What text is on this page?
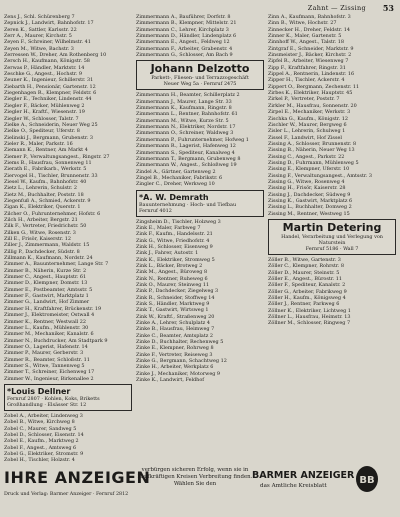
Zahnt — Zissing 53
Zens J., Schl. Schürenberg 7
Zepnick J., Landwirt, Bahnhofstr. 17
Zeren K., Sattler, Karlsstr. 22
Zerr A., Maurer, Kirchstr. 5
Zeyen F., Schreiner, Wilhelmstr. 41
Zeyen M., Witwe, Bachstr. 3
Zerressen W., Dreher, Am Rothenberg 10
Zersch H., Kaufmann, Königstr. 58
Zerwas P., Händler, Marktstr. 14
Zeschke G., Angest., Hochstr. 9
Zeuner K., Ingenieur, Schillerstr. 31
Ziebarth H., Pensionär, Gartenstr. 12
Ziegenhagen R., Klempner, Feldstr. 6
Ziegler E., Techniker, Lindenstr. 44
Ziegler F., Bäcker, Mühlenweg 2
Ziegler H., Kraftf., Wiesenstr. 19
Ziegler W., Schlosser, Talstr. 7
Zielke A., Schneiderin, Neuer Weg 25
Zielke O., Spediteur, Uferstr. 8
Zielinski J., Bergmann, Grubenstr. 3
Zieler R., Maler, Parkstr. 16
Ziemann K., Rentner, Am Markt 4
Ziemer P., Verwaltungsangest., Ringstr. 27
Ziems B., Hausfrau, Sonnenweg 11
Zierath E., Fabrikarb., Werkstr. 5
Ziervogel H., Tischler, Brunnenstr. 33
Ziesel W., Kaufm., Bahnhofstr. 40
Zietz L., Lehrerin, Schulstr. 2
Zietz M., Buchhalter, Poststr. 18
Ziegenfuß A., Schmied, Ackerstr. 9
Zigan K., Elektriker, Querstr. 1
Zilcher O., Fuhrunternehmer, Hofstr. 6
Zilch H., Arbeiter, Bergstr. 21
Zilk F., Vertreter, Friedrichstr. 50
Zilken G., Witwe, Rosenstr. 3
Zill E., Frisör, Kaiserstr. 12
Ziller J., Zimmermann, Waldstr. 15
Zillig P., Dachdecker, Südstr. 8
Zillmann K., Kaufmann, Nordstr. 24
Zimmer A., Bauunternehmer, Lange Str. 7
Zimmer B., Näherin, Kurze Str. 2
Zimmer C., Angest., Hauptstr. 61
Zimmer D., Klempner, Domstr. 13
Zimmer E., Postbeamter, Amtsstr. 5
Zimmer F., Gastwirt, Marktplatz 1
Zimmer G., Landwirt, Hof Zimmer
Zimmer H., Kraftfahrer, Brückenstr. 19
Zimmer J., Elektromeister, Ostwall 4
Zimmer K., Rentner, Westwall 22
Zimmer L., Kaufm., Mühlenstr. 30
Zimmer M., Mechaniker, Kanalstr. 6
Zimmer N., Buchdrucker, Am Stadtpark 9
Zimmer O., Lagerist, Hafenstr. 14
Zimmer P., Maurer, Gerberstr. 3
Zimmer R., Beamter, Schloßstr. 11
Zimmer S., Witwe, Tannenweg 5
Zimmer T., Schreiner, Eichenweg 17
Zimmer W., Ingenieur, Birkenallee 2
*Louis Dellner
Fernruf 2807 · Kohlen, Koks, Briketts
Großhandlung · Elsässer Str. 12
Zobel A., Arbeiter, Lindenweg 3
Zobel B., Witwe, Kirchweg 8
Zobel C., Maurer, Sandweg 5
Zobel D., Schlosser, Eisenstr. 14
Zobel E., Kaufm., Marktweg 2
Zobel F., Angest., Amtsweg 6
Zobel G., Elektriker, Stromstr. 9
Zobel H., Tischler, Holzstr. 4
Zimmermann A., Bauführer, Dorfstr. 8
Zimmermann B., Klempner, Mittelstr. 21
Zimmermann C., Lehrer, Kirchplatz 3
Zimmermann D., Händler, Lindenplatz 6
Zimmermann E., Angest., Feldweg 12
Zimmermann F., Arbeiter, Grabenstr. 4
Zimmermann G., Schlosser, Am Bach 9
Johann Delzotto
Parkett-, Fliesen- und Terrazzogeschäft
Neuer Weg 5a · Fernruf 2475
Zimmermann H., Beamter, Schillerplatz 2
Zimmermann J., Maurer, Lange Str. 33
Zimmermann K., Kaufmann, Ringstr. 8
Zimmermann L., Rentner, Bahnhofstr. 61
Zimmermann M., Witwe, Kurze Str. 5
Zimmermann N., Elektriker, Nordstr. 17
Zimmermann O., Schreiner, Waldweg 3
Zimmermann P., Fuhrunternehmer, Hofweg 1
Zimmermann R., Lagerist, Hafenweg 12
Zimmermann S., Spediteur, Kanalweg 4
Zimmermann T., Bergmann, Grubenweg 8
Zimmermann W., Angest., Schloßweg 19
Zindel A., Gärtner, Gartenweg 2
Zingel B., Mechaniker, Fabrikstr. 6
Zingler C., Dreher, Werkweg 10
*A. W. Demrath
Bauunternehmung · Hoch- und Tiefbau
Fernruf 4012
Zingsheim D., Tischler, Holzweg 3
Zink E., Maler, Farbweg 7
Zink F., Kaufm., Handelsstr. 21
Zink G., Witwe, Friedhofstr. 4
Zink H., Schlosser, Eisenweg 9
Zink J., Fahrer, Autostr. 1
Zink K., Elektriker, Stromweg 5
Zink L., Bäcker, Brotweg 2
Zink M., Angest., Büroweg 8
Zink N., Rentner, Ruheweg 6
Zink O., Maurer, Steinweg 11
Zink P., Dachdecker, Ziegelweg 3
Zink R., Schneider, Stoffweg 14
Zink S., Händler, Marktweg 9
Zink T., Gastwirt, Wirtsweg 1
Zink W., Kraftf., Straßenweg 20
Zinke A., Lehrer, Schulplatz 4
Zinke B., Hausfrau, Heimweg 7
Zinke C., Beamter, Amtsplatz 2
Zinke D., Buchhalter, Rechenweg 5
Zinke E., Klempner, Rohrweg 8
Zinke F., Vertreter, Reiseweg 3
Zinke G., Bergmann, Schachtweg 12
Zinke H., Arbeiter, Werkplatz 6
Zinke J., Mechaniker, Motorweg 9
Zinke K., Landwirt, Feldhof
Zinn A., Kaufmann, Bahnhofstr. 3
Zinn B., Witwe, Hochstr. 27
Zinnecker H., Dreher, Feldstr. 14
Zinner K., Maler, Gartenstr. 5
Zinnhoff W., Angest., Talstr. 18
Zintgraf E., Schneider, Marktstr. 9
Zinsmeister J., Bäcker, Kirchstr. 2
Zipfel R., Arbeiter, Wiesenweg 7
Zipp F., Kraftfahrer, Ringstr. 31
Zippel A., Rentnerin, Lindenstr. 16
Zipper H., Tischler, Ackerstr. 4
Zippert O., Bergmann, Zechenstr. 11
Zirbes K., Elektriker, Hauptstr. 45
Zirkel P., Vertreter, Poststr. 7
Zirkler M., Hausfrau, Sonnenstr. 20
Zirpel E., Mechaniker, Werkstr. 3
Zischka G., Kaufm., Königstr. 12
Zischler W., Maurer, Bergweg 6
Zisler L., Lehrerin, Schulweg 1
Zissel F., Landwirt, Hof Zissel
Zissing A., Schlosser, Brunnenstr. 8
Zissing B., Näherin, Neuer Weg 13
Zissing C., Angest., Parkstr. 22
Zissing D., Fuhrmann, Mühlenweg 5
Zissing E., Klempner, Uferstr. 10
Zissing F., Verwaltungsangest., Amtsstr. 3
Zissing G., Witwe, Rosenweg 4
Zissing H., Frisör, Kaiserstr. 28
Zissing J., Dachdecker, Südweg 9
Zissing K., Gastwirt, Marktplatz 6
Zissing L., Buchhalter, Domweg 2
Zissing M., Rentner, Westweg 15
Martin Detering
Handel, Verarbeitung und Verlegung von Naturstein
Fernruf 5186 · Wall 7
Zöller B., Witwe, Gartenstr. 3
Zöller C., Klempner, Rohrstr. 8
Zöller D., Maurer, Steinstr. 5
Zöller E., Angest., Bürostr. 11
Zöller F., Spediteur, Kanalstr. 2
Zöller G., Arbeiter, Fabrikweg 9
Zöller H., Kaufm., Königsweg 4
Zöller J., Rentner, Parkweg 6
Zöllner K., Elektriker, Lichtweg 1
Zöllner L., Hausfrau, Heimstr. 13
Zöllner M., Schlosser, Ringweg 7
IHRE ANZEIGEN
verbürgen sicheren Erfolg, wenn sie in kaufkräftigen Kreisen Verbreitung finden. Wählen Sie den
BARMER ANZEIGER
das Amtliche Kreisblatt
Druck und Verlag: Barmer Anzeiger · Fernruf 2812
BB
